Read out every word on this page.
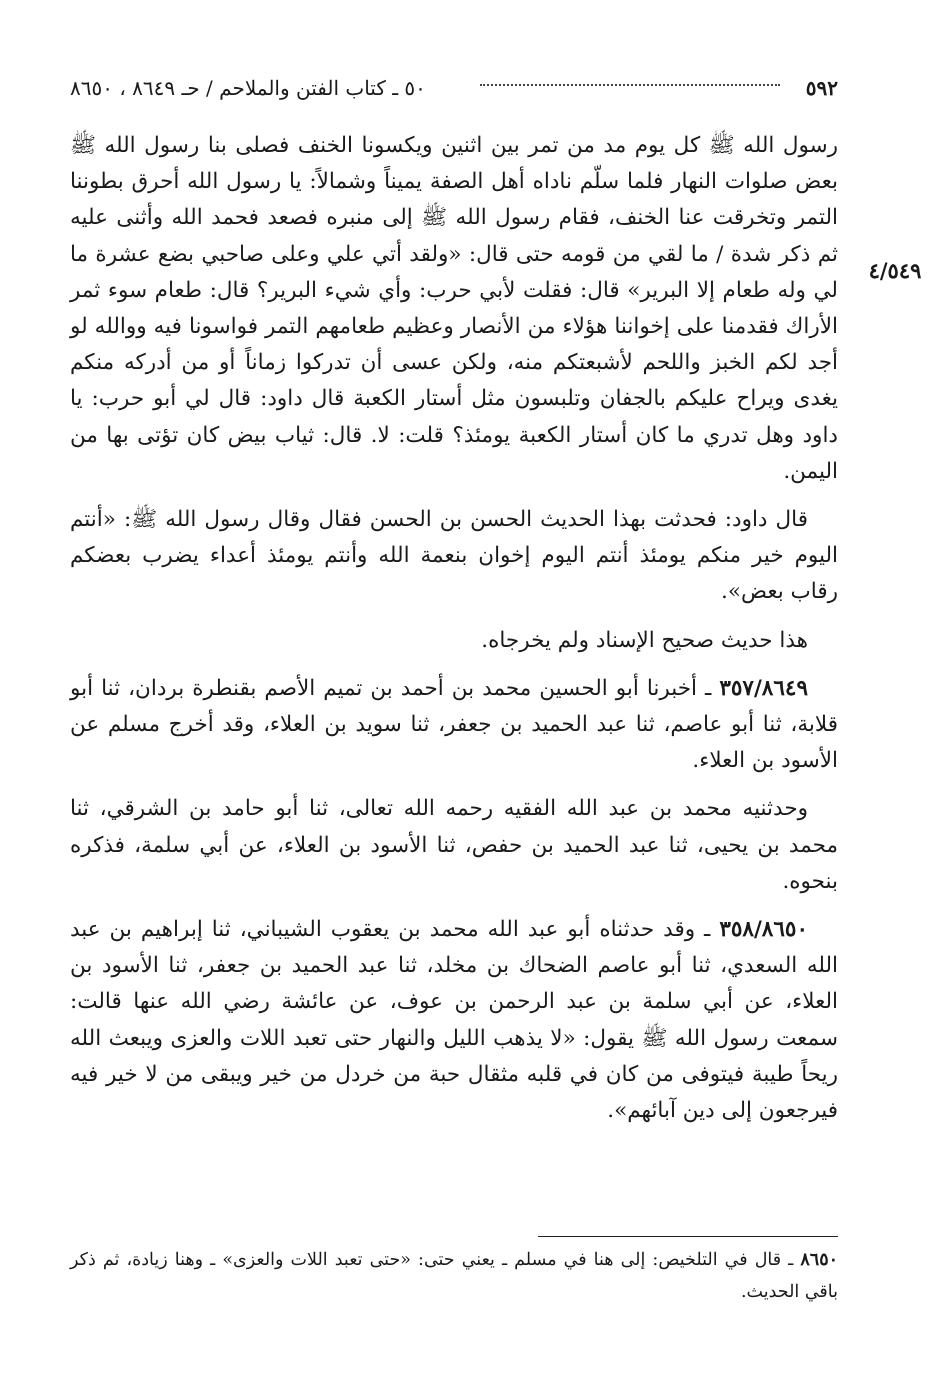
٥٩٢
٥٠ ـ كتاب الفتن والملاحم / حـ ٨٦٤٩ ، ٨٦٥٠
٤/٥٤٩

رسول الله ﷺ كل يوم مد من تمر بين اثنين ويكسونا الخنف فصلى بنا رسول الله ﷺ بعض صلوات النهار فلما سلّم ناداه أهل الصفة يميناً وشمالاً: يا رسول الله أحرق بطوننا التمر وتخرقت عنا الخنف، فقام رسول الله ﷺ إلى منبره فصعد فحمد الله وأثنى عليه ثم ذكر شدة / ما لقي من قومه حتى قال: «ولقد أتي علي وعلى صاحبي بضع عشرة ما لي وله طعام إلا البرير» قال: فقلت لأبي حرب: وأي شيء البرير؟ قال: طعام سوء ثمر الأراك فقدمنا على إخواننا هؤلاء من الأنصار وعظيم طعامهم التمر فواسونا فيه ووالله لو أجد لكم الخبز واللحم لأشبعتكم منه، ولكن عسى أن تدركوا زماناً أو من أدركه منكم يغدى ويراح عليكم بالجفان وتلبسون مثل أستار الكعبة قال داود: قال لي أبو حرب: يا داود وهل تدري ما كان أستار الكعبة يومئذ؟ قلت: لا. قال: ثياب بيض كان تؤتى بها من اليمن.

قال داود: فحدثت بهذا الحديث الحسن بن الحسن فقال وقال رسول الله ﷺ: «أنتم اليوم خير منكم يومئذ أنتم اليوم إخوان بنعمة الله وأنتم يومئذ أعداء يضرب بعضكم رقاب بعض».

هذا حديث صحيح الإسناد ولم يخرجاه.

٣٥٧/٨٦٤٩ ـ أخبرنا أبو الحسين محمد بن أحمد بن تميم الأصم بقنطرة بردان، ثنا أبو قلابة، ثنا أبو عاصم، ثنا عبد الحميد بن جعفر، ثنا سويد بن العلاء، وقد أخرج مسلم عن الأسود بن العلاء.

وحدثنيه محمد بن عبد الله الفقيه رحمه الله تعالى، ثنا أبو حامد بن الشرقي، ثنا محمد بن يحيى، ثنا عبد الحميد بن حفص، ثنا الأسود بن العلاء، عن أبي سلمة، فذكره بنحوه.

٣٥٨/٨٦٥٠ ـ وقد حدثناه أبو عبد الله محمد بن يعقوب الشيباني، ثنا إبراهيم بن عبد الله السعدي، ثنا أبو عاصم الضحاك بن مخلد، ثنا عبد الحميد بن جعفر، ثنا الأسود بن العلاء، عن أبي سلمة بن عبد الرحمن بن عوف، عن عائشة رضي الله عنها قالت: سمعت رسول الله ﷺ يقول: «لا يذهب الليل والنهار حتى تعبد اللات والعزى ويبعث الله ريحاً طيبة فيتوفى من كان في قلبه مثقال حبة من خردل من خير ويبقى من لا خير فيه فيرجعون إلى دين آبائهم».

٨٦٥٠ ـ قال في التلخيص: إلى هنا في مسلم ـ يعني حتى: «حتى تعبد اللات والعزى» ـ وهنا زيادة، ثم ذكر باقي الحديث.
